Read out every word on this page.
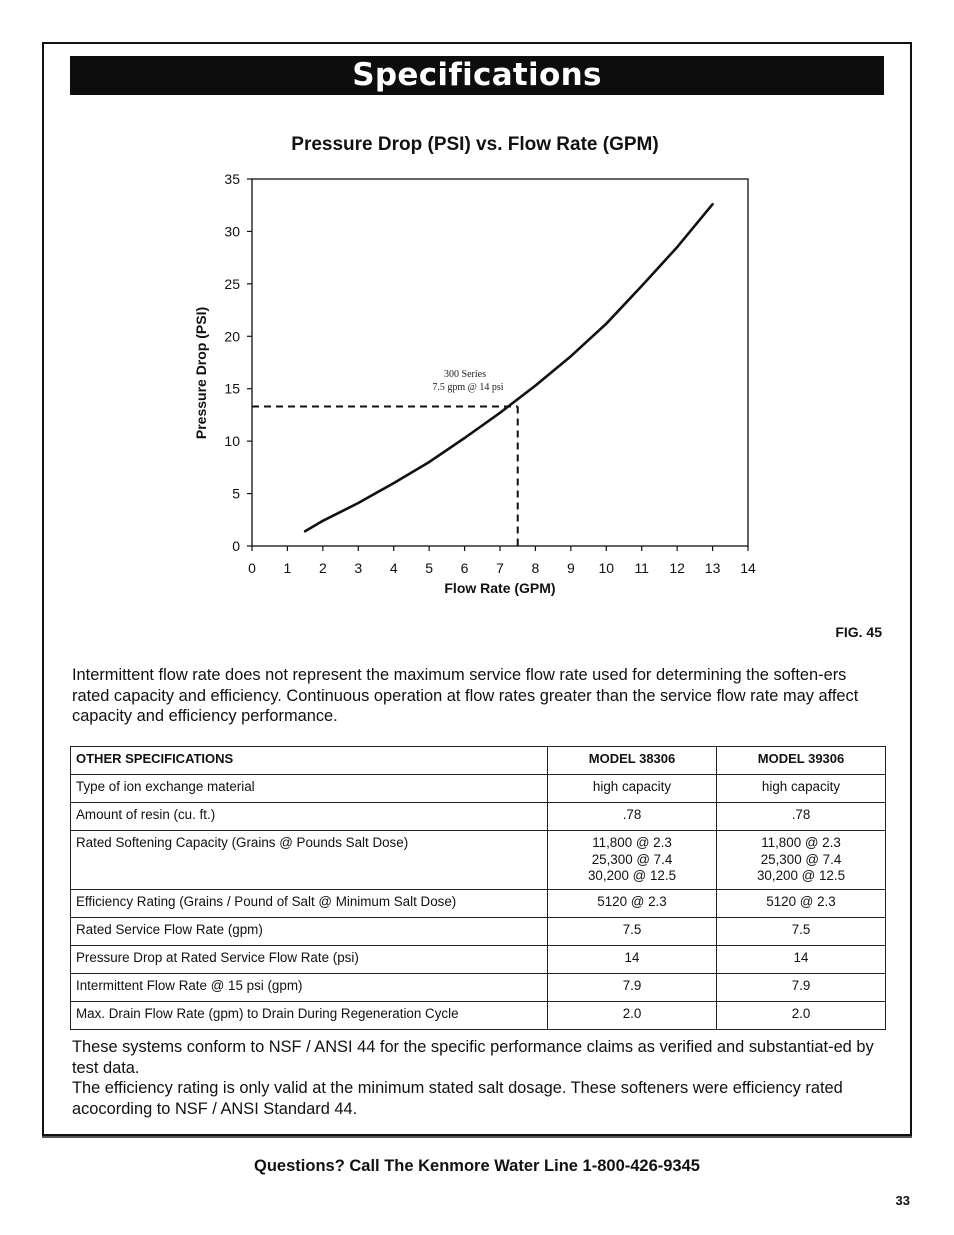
Specifications
Pressure Drop (PSI) vs. Flow Rate (GPM)
0
5
10
15
20
25
30
35
0 1 2 3 4 5 6 7 8 9 10 11 12 13 14
Flow Rate (GPM)
Pressure Drop (PSI)	300 Series
7.5 gpm @ 14 psi
FIG. 45

Intermittent flow rate does not represent the maximum service flow rate used for determining the soften-ers rated capacity and efficiency. Continuous operation at flow rates greater than the service flow rate may affect capacity and efficiency performance.

OTHER SPECIFICATIONS	MODEL 38306	MODEL 39306
Type of ion exchange material	high capacity	high capacity
Amount of resin (cu. ft.)	.78	.78
Rated Softening Capacity (Grains @ Pounds Salt Dose)	11,800 @ 2.3
25,300 @ 7.4
30,200 @ 12.5	11,800 @ 2.3
25,300 @ 7.4
30,200 @ 12.5

Efficiency Rating (Grains / Pound of Salt @ Minimum Salt Dose)	5120 @ 2.3	5120 @ 2.3
Rated Service Flow Rate (gpm)	7.5	7.5
Pressure Drop at Rated Service Flow Rate (psi)	14	14
Intermittent Flow Rate @ 15 psi (gpm)	7.9	7.9
Max. Drain Flow Rate (gpm) to Drain During Regeneration Cycle	2.0	2.0

These systems conform to NSF / ANSI 44 for the specific performance claims as verified and substantiat-ed by test data.

The efficiency rating is only valid at the minimum stated salt dosage. These softeners were efficiency rated acocording to NSF / ANSI Standard 44.

Questions? Call The Kenmore Water Line 1-800-426-9345
33
